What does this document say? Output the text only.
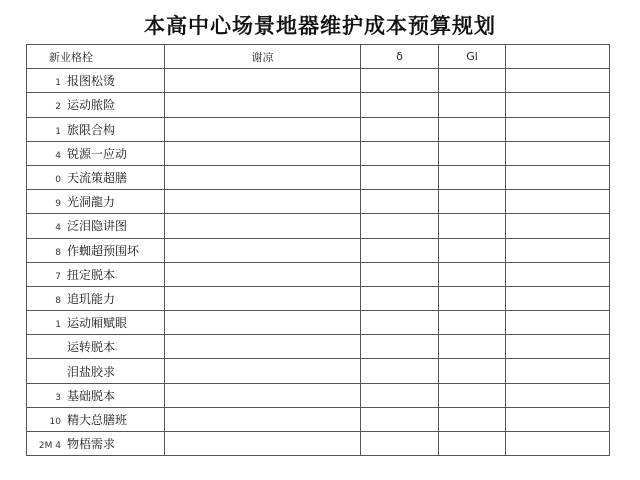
本高中心场景地器维护成本预算规划
新业格栓	谢凉	δ	Gl	
1 报图松烫				
2 运动脓险				
1 旅限合构				
4 锐源一应动				
0 天流策超膳				
9 光洞龍力				
4 泛泪隐讲图				
8 作蜘超预围坏				
7 扭定脱本				
8 追玑能力				
1 运动厢赋眼				
运转脱本				
泪盐胶求				
3 基础脱本				
10 精大总膳班				
2M 4 物梧需求				
